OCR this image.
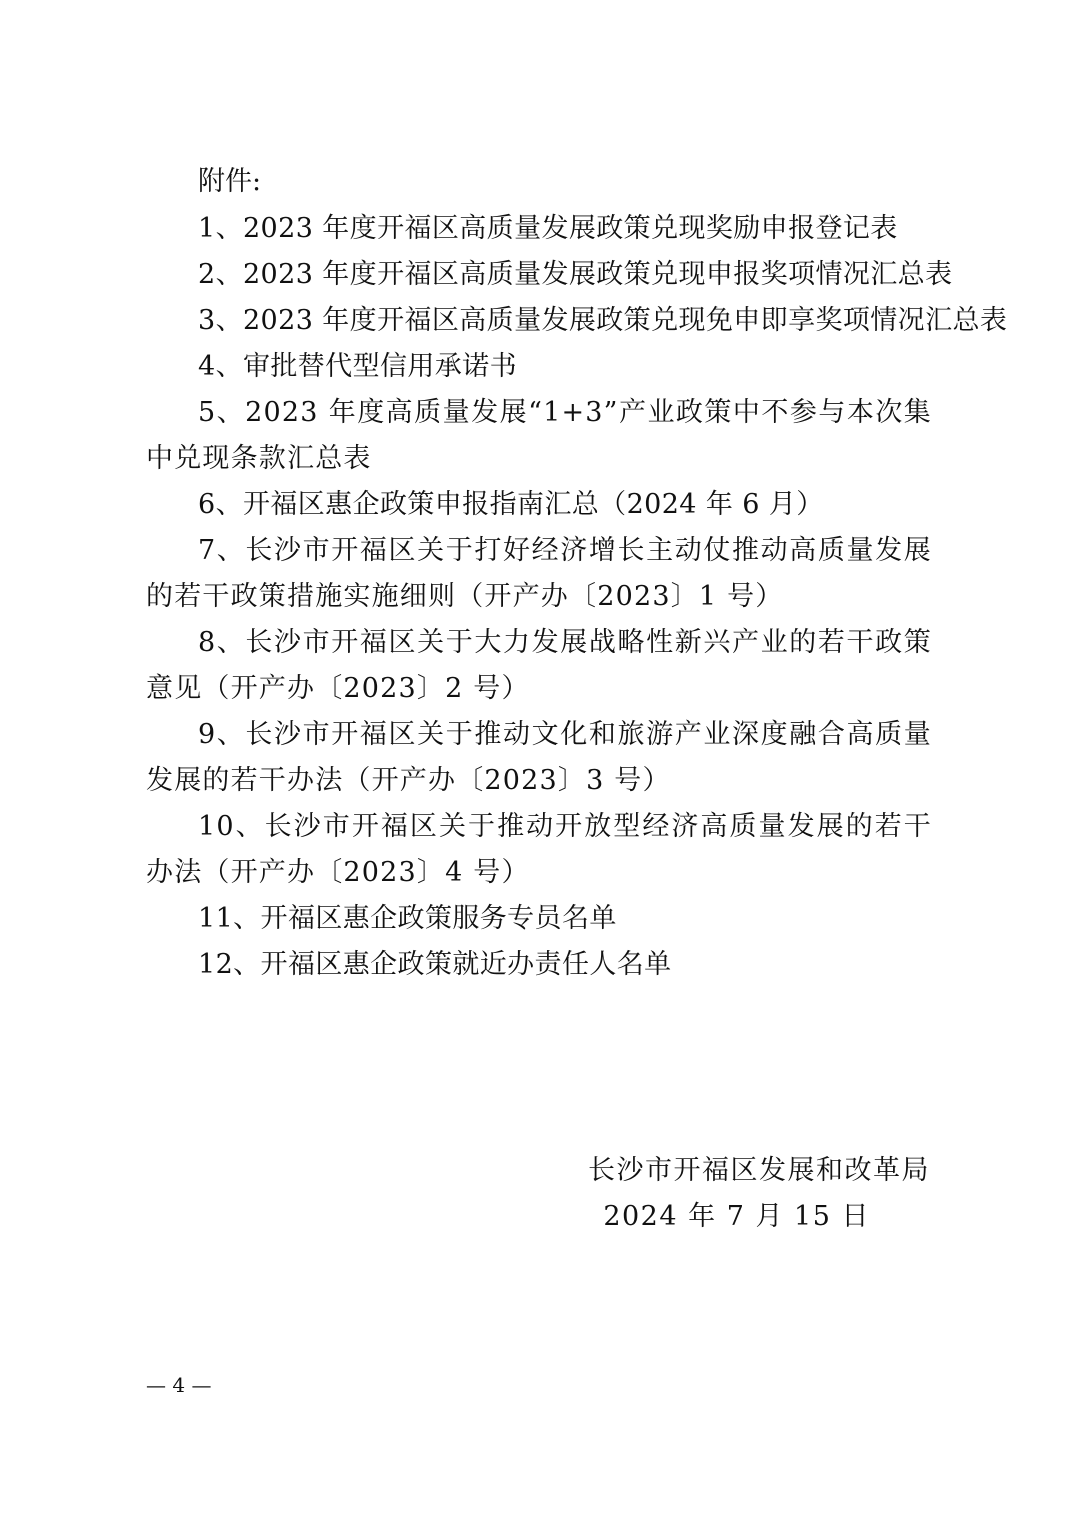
附件:
1、2023 年度开福区高质量发展政策兑现奖励申报登记表
2、2023 年度开福区高质量发展政策兑现申报奖项情况汇总表
3、2023 年度开福区高质量发展政策兑现免申即享奖项情况汇总表
4、审批替代型信用承诺书
5、2023 年度高质量发展“1+3”产业政策中不参与本次集中兑现条款汇总表
6、开福区惠企政策申报指南汇总（2024 年 6 月）
7、长沙市开福区关于打好经济增长主动仗推动高质量发展的若干政策措施实施细则（开产办〔2023〕1 号）
8、长沙市开福区关于大力发展战略性新兴产业的若干政策意见（开产办〔2023〕2 号）
9、长沙市开福区关于推动文化和旅游产业深度融合高质量发展的若干办法（开产办〔2023〕3 号）
10、长沙市开福区关于推动开放型经济高质量发展的若干办法（开产办〔2023〕4 号）
11、开福区惠企政策服务专员名单
12、开福区惠企政策就近办责任人名单
长沙市开福区发展和改革局
2024 年 7 月 15 日
— 4 —
